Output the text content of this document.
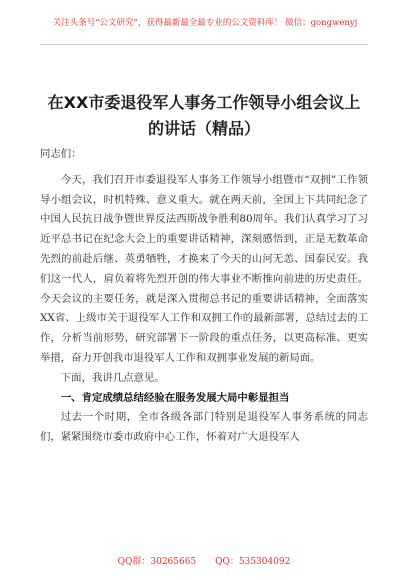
关注头条号“公文研究”，获得最新最全最专业的公文资料库！ 微信：gongwenyj
在XX市委退役军人事务工作领导小组会议上的讲话（精品）

同志们：

今天，我们召开市委退役军人事务工作领导小组暨市“双拥”工作领导小组会议，时机特殊、意义重大。就在两天前，全国上下共同纪念了中国人民抗日战争暨世界反法西斯战争胜利80周年。我们认真学习了习近平总书记在纪念大会上的重要讲话精神，深刻感悟到，正是无数革命先烈的前赴后继、英勇牺牲，才换来了今天的山河无恙、国泰民安。我们这一代人，肩负着将先烈开创的伟大事业不断推向前进的历史责任。今天会议的主要任务，就是深入贯彻总书记的重要讲话精神，全面落实XX省、上级市关于退役军人工作和双拥工作的最新部署，总结过去的工作，分析当前形势，研究部署下一阶段的重点任务，以更高标准、更实举措，奋力开创我市退役军人工作和双拥事业发展的新局面。

下面，我讲几点意见。

一、肯定成绩总结经验在服务发展大局中彰显担当

过去一个时期，全市各级各部门特别是退役军人事务系统的同志们，紧紧围绕市委市政府中心工作，怀着对广大退役军人

QQ群：30265665 QQ：535304092
